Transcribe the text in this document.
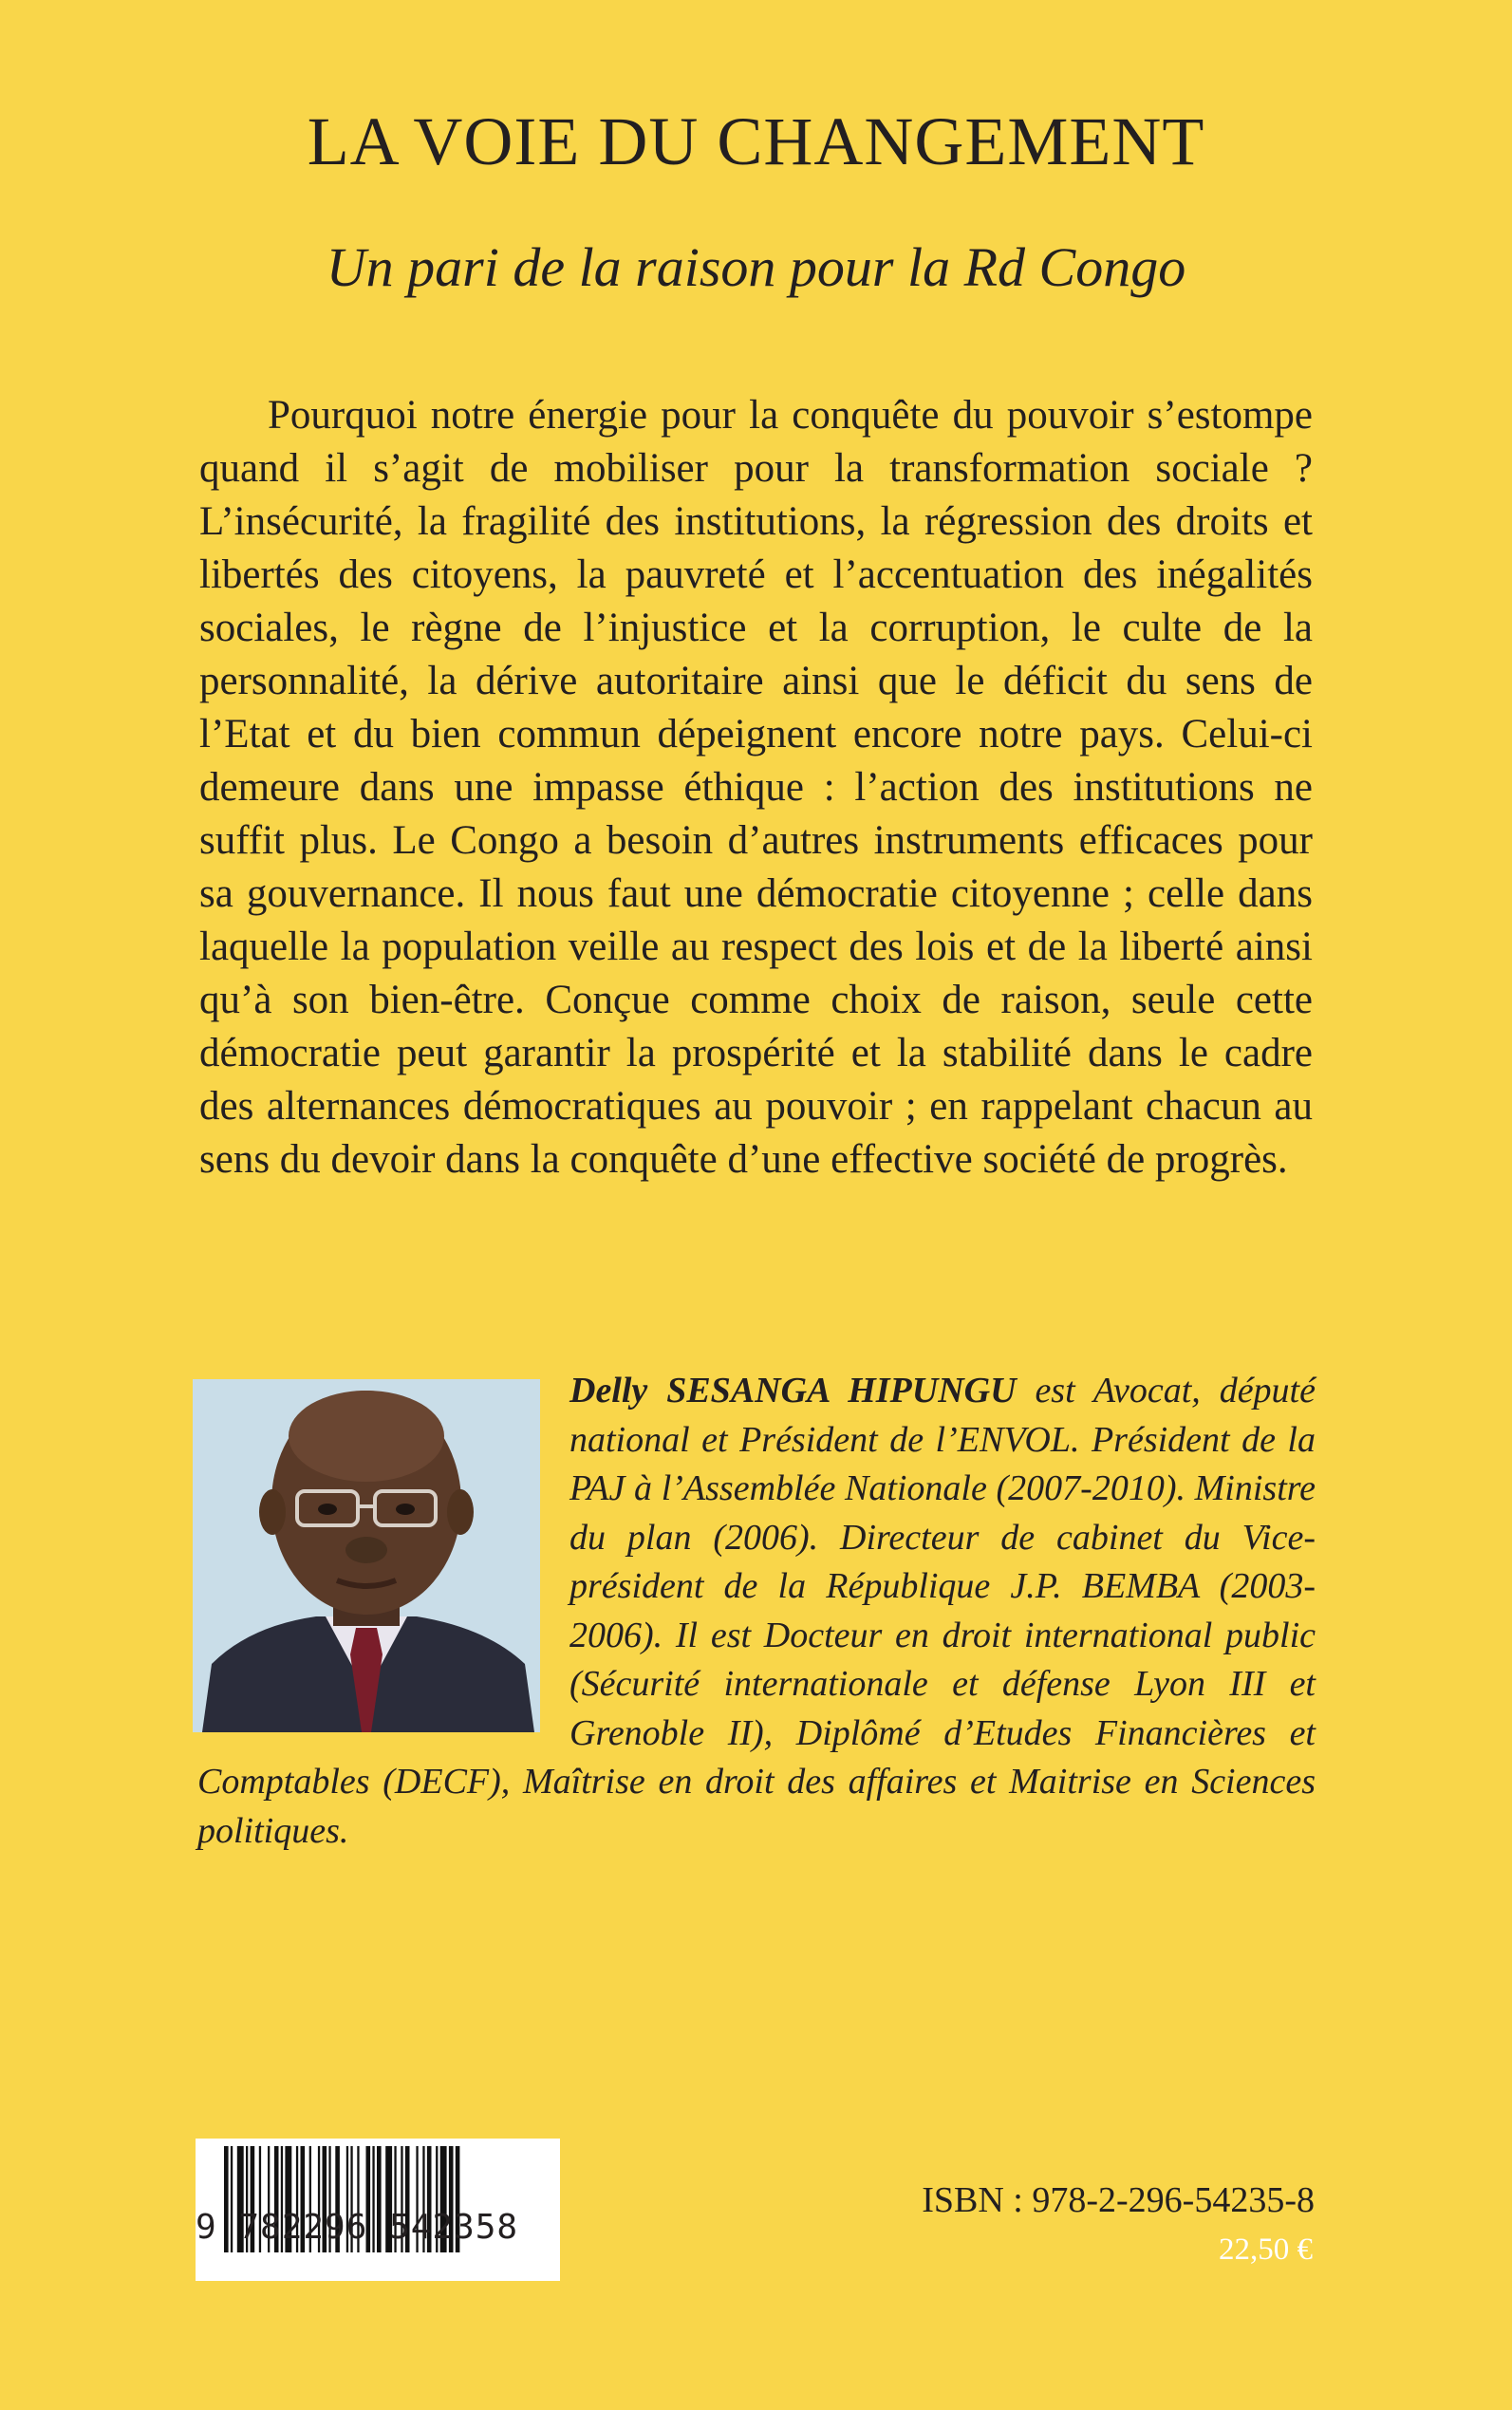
LA VOIE DU CHANGEMENT
Un pari de la raison pour la Rd Congo

Pourquoi notre énergie pour la conquête du pouvoir s’estompe quand il s’agit de mobiliser pour la transformation sociale ? L’insécurité, la fragilité des institutions, la régression des droits et libertés des citoyens, la pauvreté et l’accentuation des inégalités sociales, le règne de l’injustice et la corruption, le culte de la personnalité, la dérive autoritaire ainsi que le déficit du sens de l’Etat et du bien commun dépeignent encore notre pays. Celui-ci demeure dans une impasse éthique : l’action des institutions ne suffit plus. Le Congo a besoin d’autres instruments efficaces pour sa gouvernance. Il nous faut une démocratie citoyenne ; celle dans laquelle la population veille au respect des lois et de la liberté ainsi qu’à son bien-être. Conçue comme choix de raison, seule cette démocratie peut garantir la prospérité et la stabilité dans le cadre des alternances démocratiques au pouvoir ; en rappelant chacun au sens du devoir dans la conquête d’une effective société de progrès.

Delly SESANGA HIPUNGU est Avocat, député national et Président de l’ENVOL. Président de la PAJ à l’Assemblée Nationale (2007-2010). Ministre du plan (2006). Directeur de cabinet du Vice-président de la République J.P. BEMBA (2003-2006). Il est Docteur en droit international public (Sécurité internationale et défense Lyon III et Grenoble II), Diplômé d’Etudes Financières et Comptables (DECF), Maîtrise en droit des affaires et Maitrise en Sciences politiques.

9 782296 542358

ISBN : 978-2-296-54235-8

22,50 €
